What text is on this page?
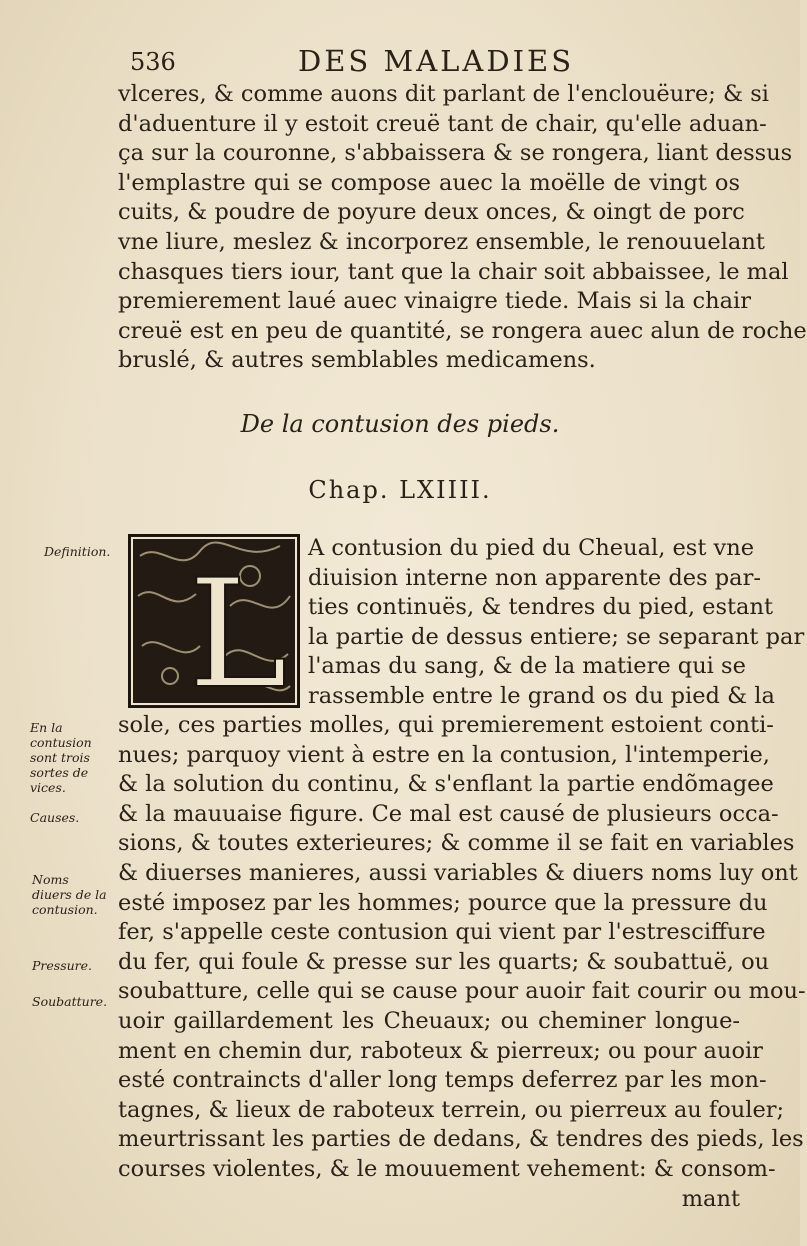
536	DES MALADIES
vlceres, & comme auons dit parlant de l'enclouëure; & si
d'aduenture il y estoit creuë tant de chair, qu'elle aduan-
ça sur la couronne, s'abbaissera & se rongera, liant dessus
l'emplastre qui se compose auec la moëlle de vingt os
cuits, & poudre de poyure deux onces, & oingt de porc
vne liure, meslez & incorporez ensemble, le renouuelant
chasques tiers iour, tant que la chair soit abbaissee, le mal
premierement laué auec vinaigre tiede. Mais si la chair
creuë est en peu de quantité, se rongera auec alun de roche
bruslé, & autres semblables medicamens.
De la contusion des pieds.
Chap. LXIIII.
L A contusion du pied du Cheual, est vne
diuision interne non apparente des par-
ties continuës, & tendres du pied, estant
la partie de dessus entiere; se separant par
l'amas du sang, & de la matiere qui se
rassemble entre le grand os du pied & la
sole, ces parties molles, qui premierement estoient conti-
nues; parquoy vient à estre en la contusion, l'intemperie,
& la solution du continu, & s'enflant la partie endõmagee
& la mauuaise figure. Ce mal est causé de plusieurs occa-
sions, & toutes exterieures; & comme il se fait en variables
& diuerses manieres, aussi variables & diuers noms luy ont
esté imposez par les hommes; pource que la pressure du
fer, s'appelle ceste contusion qui vient par l'estresciffure
du fer, qui foule & presse sur les quarts; & soubattuë, ou
soubatture, celle qui se cause pour auoir fait courir ou mou-
uoir gaillardement les Cheuaux; ou cheminer longue-
ment en chemin dur, raboteux & pierreux; ou pour auoir
esté contraincts d'aller long temps deferrez par les mon-
tagnes, & lieux de raboteux terrein, ou pierreux au fouler;
meurtrissant les parties de dedans, & tendres des pieds, les
courses violentes, & le mouuement vehement: & consom-
mant
Definition.
En la contusion sont trois sortes de vices.
Causes.
Noms diuers de la contusion.
Pressure.
Soubatture.
